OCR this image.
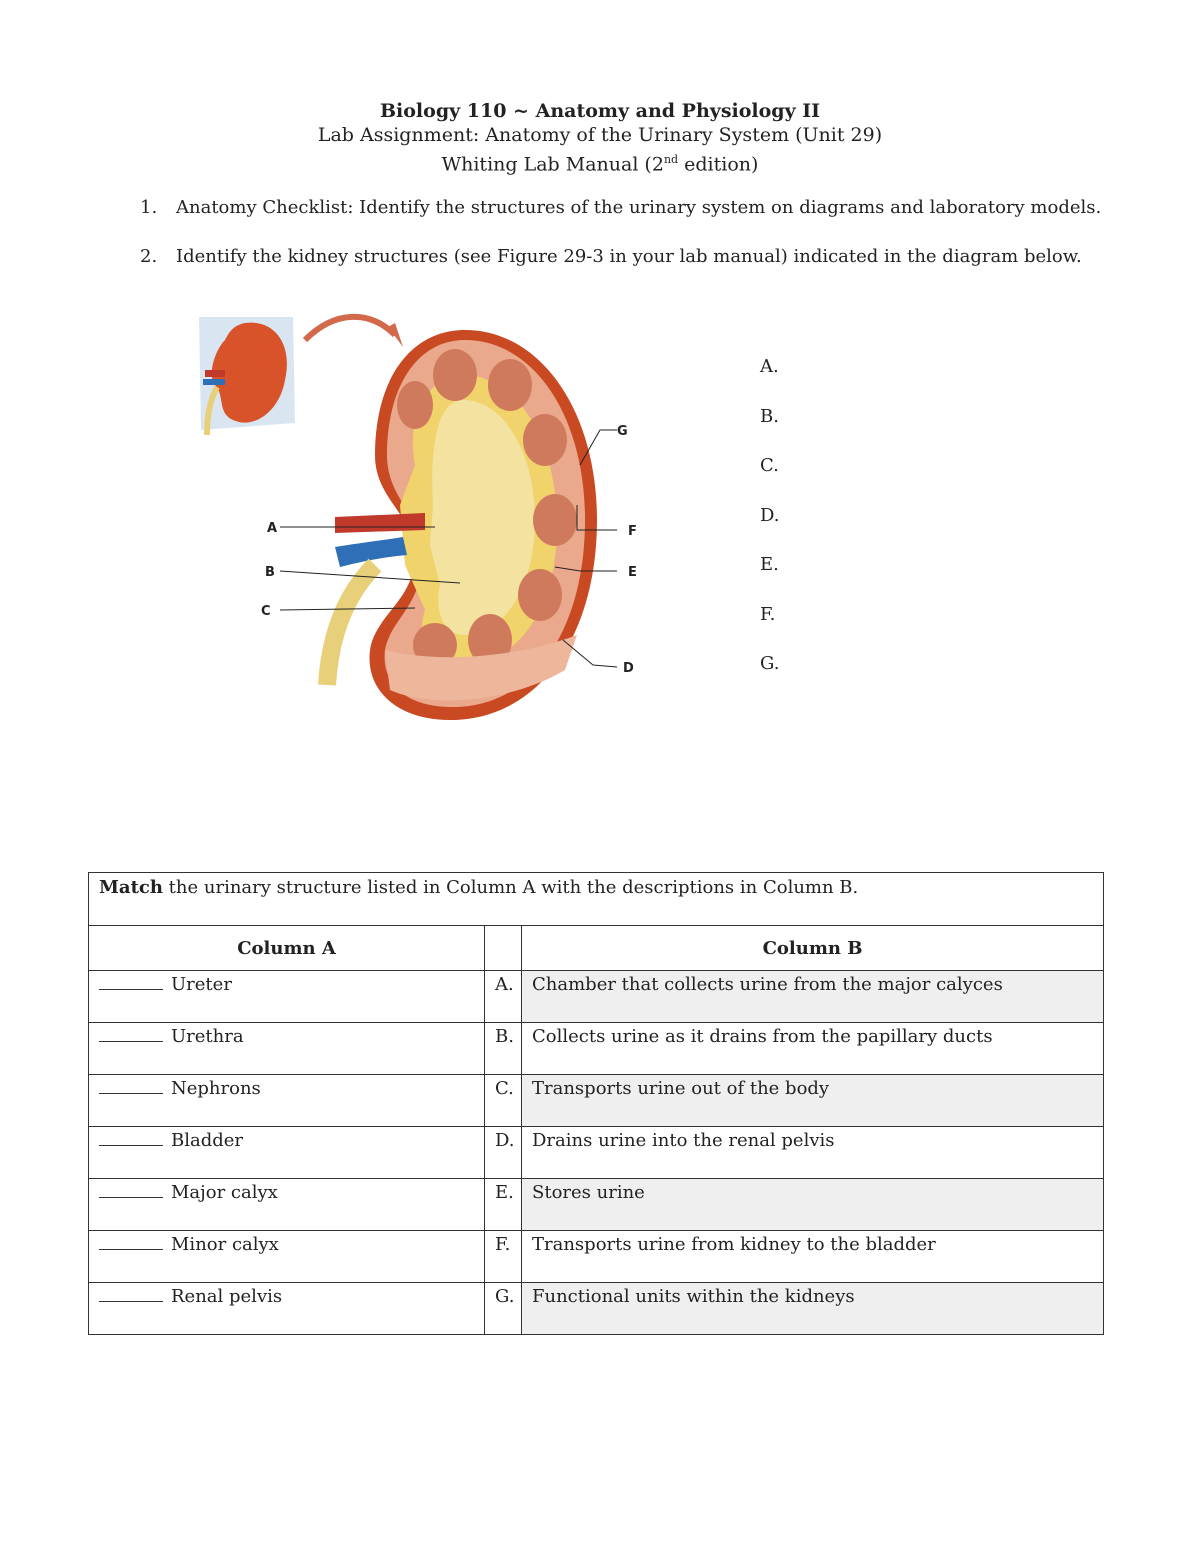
Biology 110 ~ Anatomy and Physiology II
Lab Assignment: Anatomy of the Urinary System (Unit 29)
Whiting Lab Manual (2nd edition)
1. Anatomy Checklist: Identify the structures of the urinary system on diagrams and laboratory models.
2. Identify the kidney structures (see Figure 29-3 in your lab manual) indicated in the diagram below.
A
B
C
D
E
F
G
A.
B.
C.
D.
E.
F.
G.
Match the urinary structure listed in Column A with the descriptions in Column B.		
Column A		Column B
Ureter	A.	Chamber that collects urine from the major calyces
Urethra	B.	Collects urine as it drains from the papillary ducts
Nephrons	C.	Transports urine out of the body
Bladder	D.	Drains urine into the renal pelvis
Major calyx	E.	Stores urine
Minor calyx	F.	Transports urine from kidney to the bladder
Renal pelvis	G.	Functional units within the kidneys
